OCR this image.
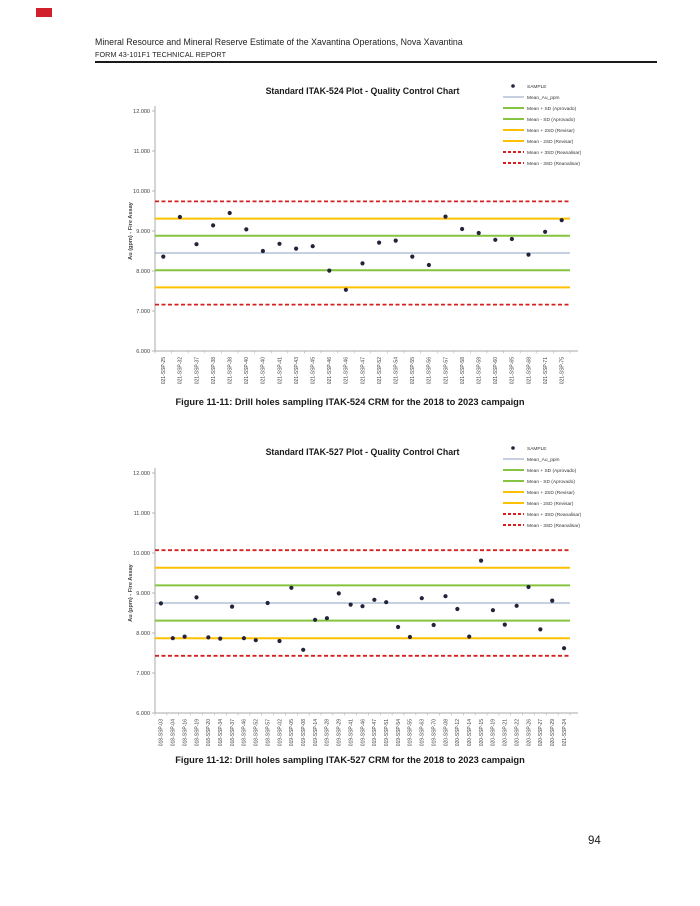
Mineral Resource and Mineral Reserve Estimate of the Xavantina Operations, Nova Xavantina
FORM 43-101F1 TECHNICAL REPORT
Standard ITAK-524 Plot - Quality Control Chart
Au (gpm) - Fire Assay
12.000
11.000
10.000
9.000
8.000
7.000
6.000
021-SSP-25 021-SSP-32 021-SSP-37 021-SSP-38 021-SSP-38 021-SSP-40 021-SSP-40 021-SSP-41 021-SSP-43 021-SSP-45 021-SSP-46 021-SSP-46 021-SSP-47 021-SSP-52 021-SSP-54 021-SSP-55 021-SSP-56 021-SSP-57 021-SSP-58 021-SSP-59 021-SSP-60 021-SSP-65 021-SSP-68 021-SSP-71 021-SSP-75
SAMPLE
Mean_Au_ppm
Mean + SD (Aprovado)
Mean - SD (Aprovado)
Mean + 2SD (Revisar)
Mean - 2SD (Revisar)
Mean + 3SD (Reanalisar)
Mean - 3SD (Reanalisar)
Figure 11-11: Drill holes sampling ITAK-524 CRM for the 2018 to 2023 campaign
Standard ITAK-527 Plot - Quality Control Chart
Au (ppm) - Fire Assay
12.000
11.000
10.000
9.000
8.000
7.000
6.000
018-SSP-03 018-SSP-04 018-SSP-16 018-SSP-19 018-SSP-20 018-SSP-34 018-SSP-37 018-SSP-46 018-SSP-52 018-SSP-57 019-SSP-02 019-SSP-05 019-SSP-08 019-SSP-14 019-SSP-28 019-SSP-29 019-SSP-41 019-SSP-46 019-SSP-47 019-SSP-51 019-SSP-54 019-SSP-55 019-SSP-63 019-SSP-70 020-SSP-08 020-SSP-12 020-SSP-14 020-SSP-15 020-SSP-19 020-SSP-21 020-SSP-22 020-SSP-26 020-SSP-27 020-SSP-29 021-SSP-24
SAMPLE
Mean_Au_ppm
Mean + SD (Aprovado)
Mean - SD (Aprovado)
Mean + 2SD (Revisar)
Mean - 2SD (Revisar)
Mean + 3SD (Reanalisar)
Mean - 3SD (Reanalisar)
Figure 11-12: Drill holes sampling ITAK-527 CRM for the 2018 to 2023 campaign
94
